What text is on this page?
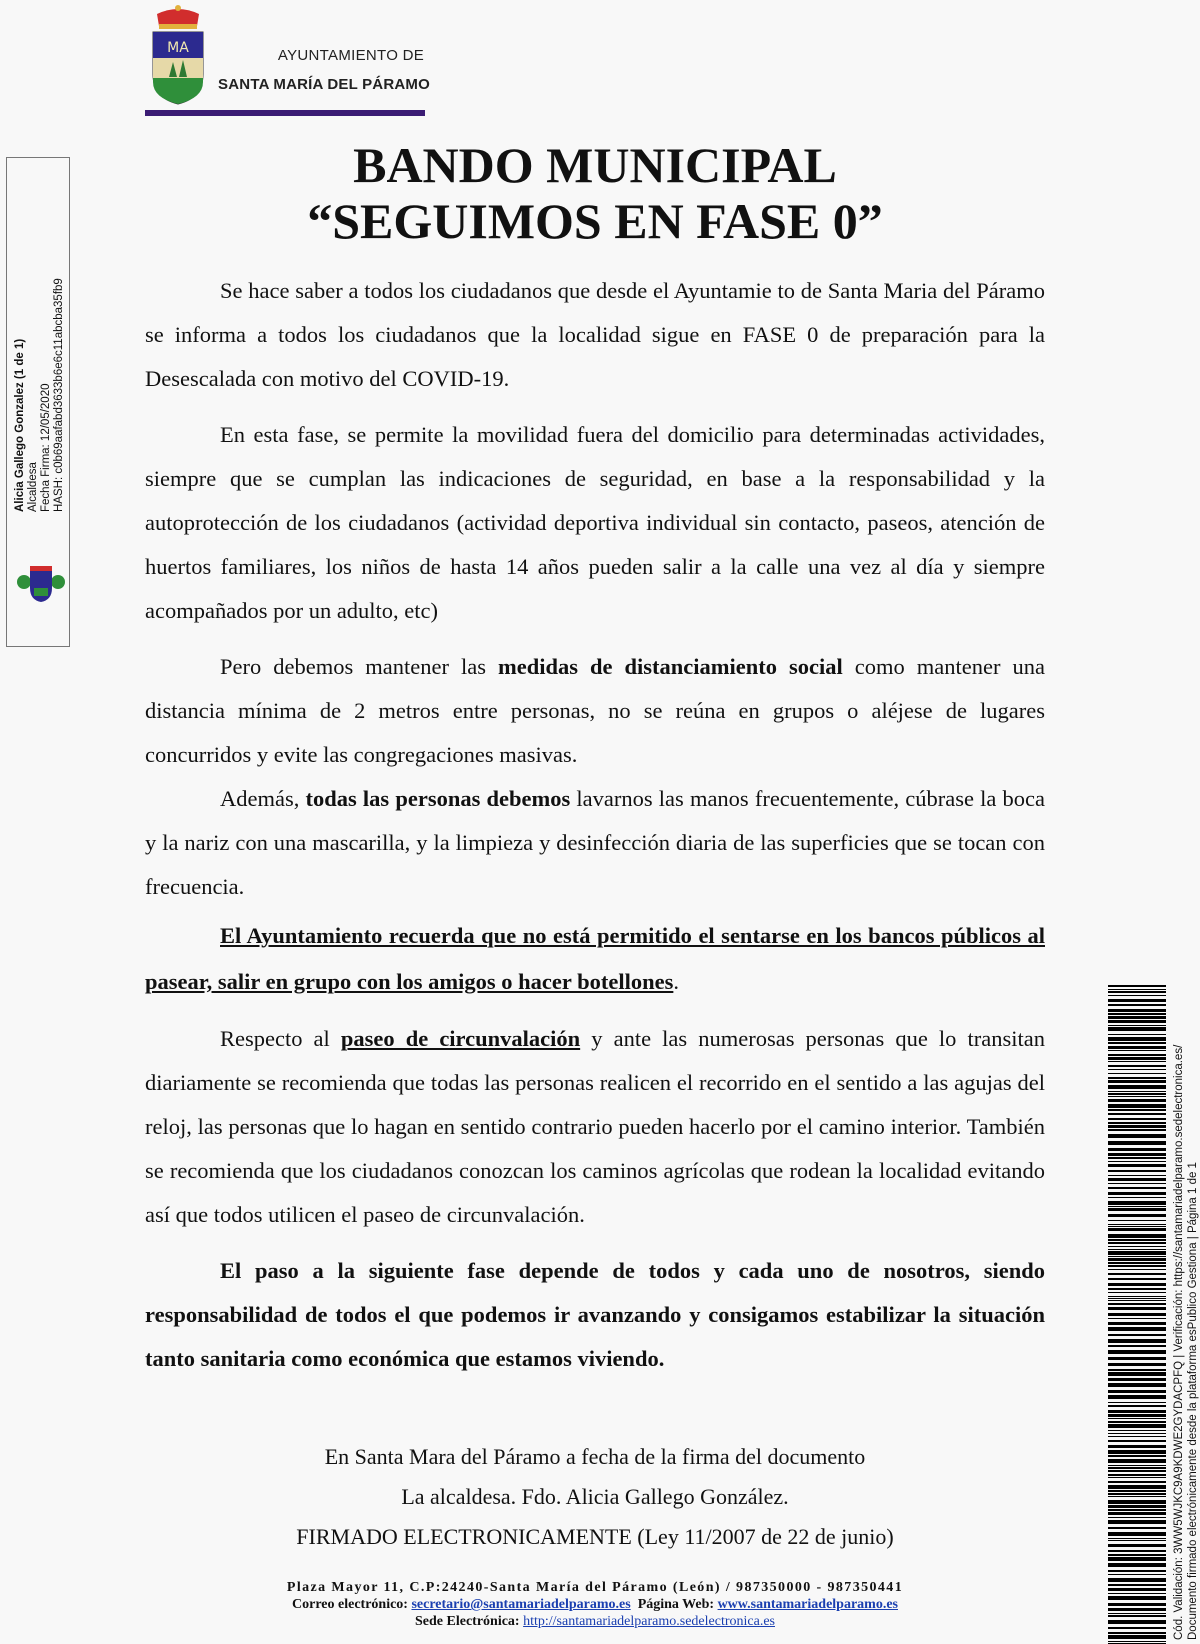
MA	AYUNTAMIENTO DE
SANTA MARÍA DEL PÁRAMO
Alicia Gallego Gonzalez (1 de 1) Alcaldesa Fecha Firma: 12/05/2020 HASH: c0b69aafabd3633b6e6c11abcba35fb9
Cód. Validación: 3WW5WJKC9A9KDWE2GYDACPFQ | Verificación: https://santamariadelparamo.sedelectronica.es/ Documento firmado electrónicamente desde la plataforma esPublico Gestiona | Página 1 de 1
BANDO MUNICIPAL
“SEGUIMOS EN FASE 0”

Se hace saber a todos los ciudadanos que desde el Ayuntamie to de Santa Maria del Páramo se informa a todos los ciudadanos que la localidad sigue en FASE 0 de preparación para la Desescalada con motivo del COVID-19.

En esta fase, se permite la movilidad fuera del domicilio para determinadas actividades, siempre que se cumplan las indicaciones de seguridad, en base a la responsabilidad y la autoprotección de los ciudadanos (actividad deportiva individual sin contacto, paseos, atención de huertos familiares, los niños de hasta 14 años pueden salir a la calle una vez al día y siempre acompañados por un adulto, etc)

Pero debemos mantener las medidas de distanciamiento social como mantener una distancia mínima de 2 metros entre personas, no se reúna en grupos o aléjese de lugares concurridos y evite las congregaciones masivas.

Además, todas las personas debemos lavarnos las manos frecuentemente, cúbrase la boca y la nariz con una mascarilla, y la limpieza y desinfección diaria de las superficies que se tocan con frecuencia.

El Ayuntamiento recuerda que no está permitido el sentarse en los bancos públicos al pasear, salir en grupo con los amigos o hacer botellones.

Respecto al paseo de circunvalación y ante las numerosas personas que lo transitan diariamente se recomienda que todas las personas realicen el recorrido en el sentido a las agujas del reloj, las personas que lo hagan en sentido contrario pueden hacerlo por el camino interior. También se recomienda que los ciudadanos conozcan los caminos agrícolas que rodean la localidad evitando así que todos utilicen el paseo de circunvalación.

El paso a la siguiente fase depende de todos y cada uno de nosotros, siendo responsabilidad de todos el que podemos ir avanzando y consigamos estabilizar la situación tanto sanitaria como económica que estamos viviendo.

En Santa Mara del Páramo a fecha de la firma del documento
La alcaldesa. Fdo. Alicia Gallego González.
FIRMADO ELECTRONICAMENTE (Ley 11/2007 de 22 de junio)
Plaza Mayor 11, C.P:24240-Santa María del Páramo (León) / 987350000 - 987350441
Correo electrónico: secretario@santamariadelparamo.es Página Web: www.santamariadelparamo.es
Sede Electrónica: http://santamariadelparamo.sedelectronica.es
